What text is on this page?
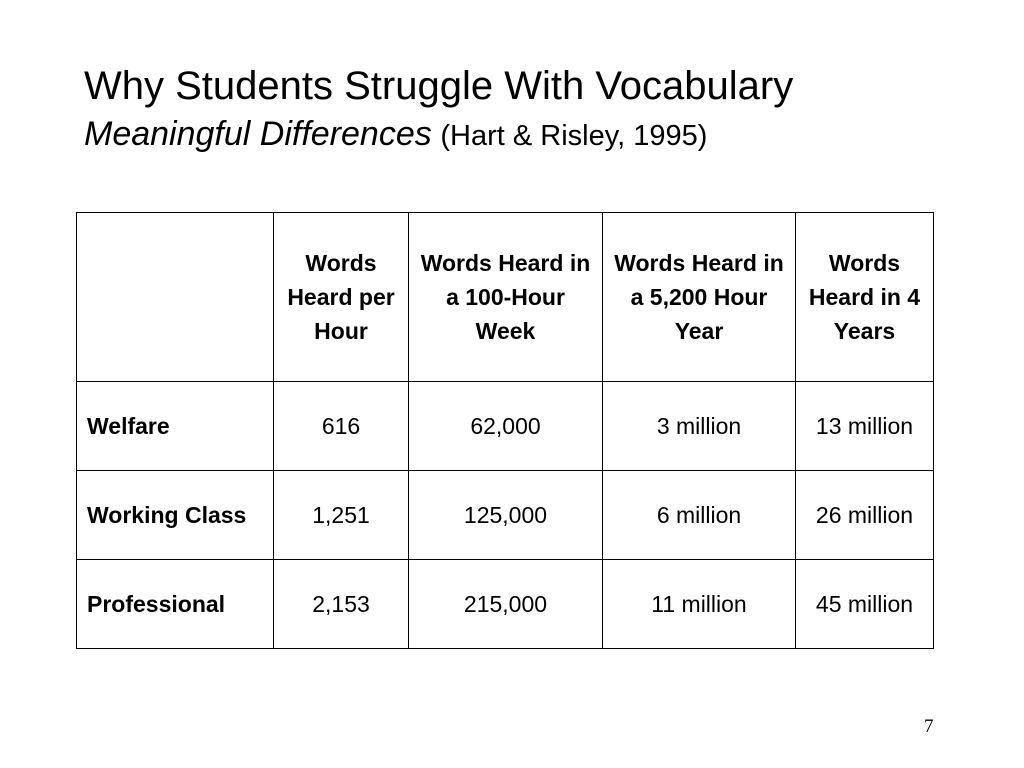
Why Students Struggle With Vocabulary
Meaningful Differences (Hart & Risley, 1995)
	Words Heard per Hour	Words Heard in a 100-Hour Week	Words Heard in a 5,200 Hour Year	Words Heard in 4 Years
Welfare	616	62,000	3 million	13 million
Working Class	1,251	125,000	6 million	26 million
Professional	2,153	215,000	11 million	45 million
7
